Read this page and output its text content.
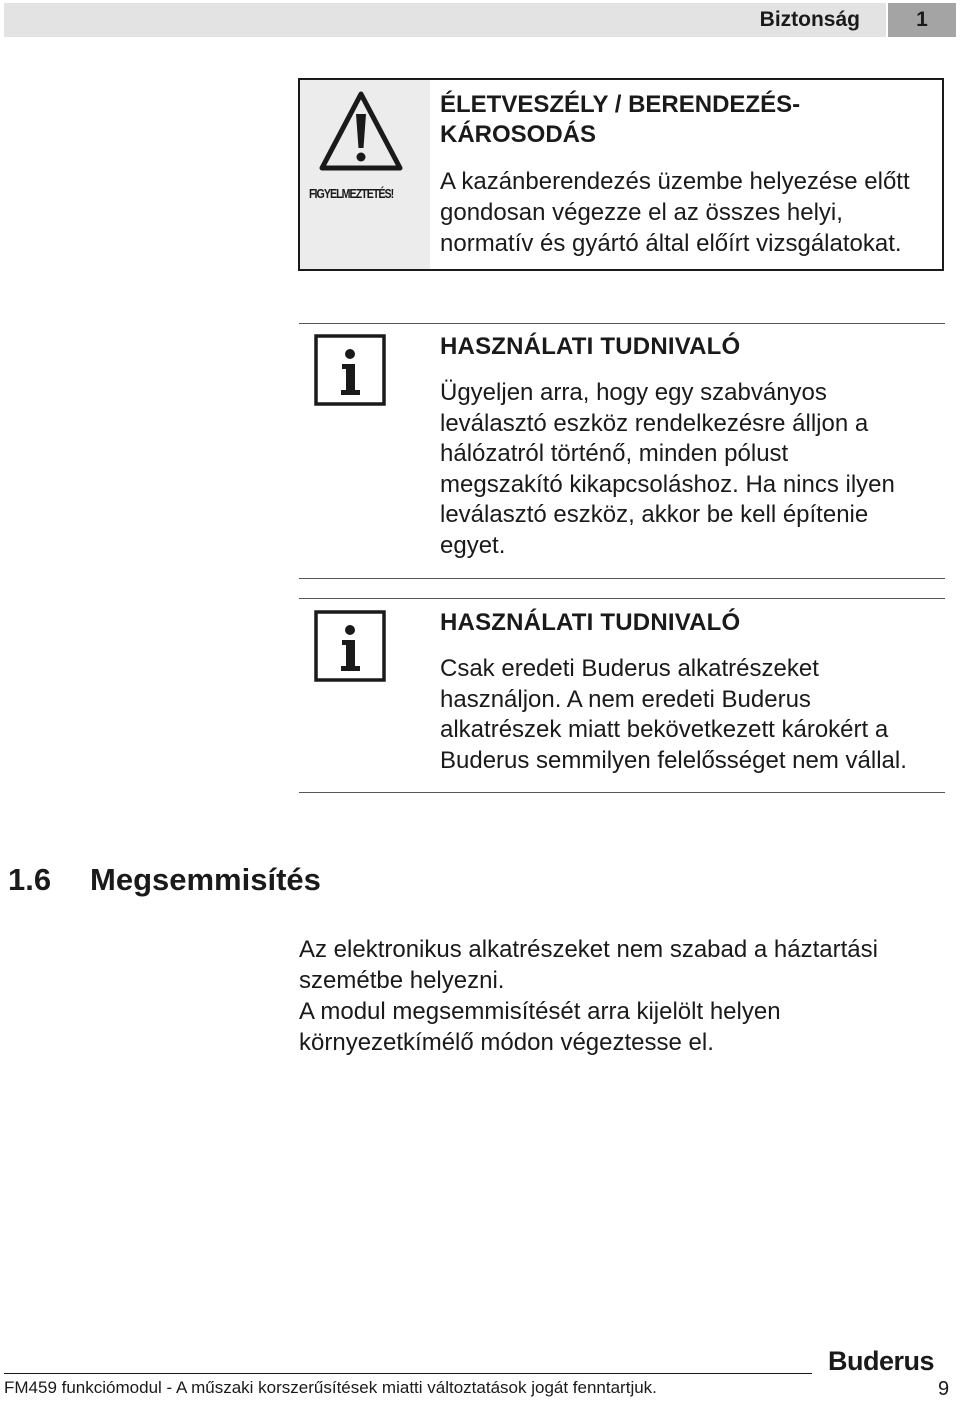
Biztonság	1
FIGYELMEZTETÉS!
ÉLETVESZÉLY / BERENDEZÉS-
KÁROSODÁS
A kazánberendezés üzembe helyezése előtt
gondosan végezze el az összes helyi,
normatív és gyártó által előírt vizsgálatokat.
HASZNÁLATI TUDNIVALÓ
Ügyeljen arra, hogy egy szabványos
leválasztó eszköz rendelkezésre álljon a
hálózatról történő, minden pólust
megszakító kikapcsoláshoz. Ha nincs ilyen
leválasztó eszköz, akkor be kell építenie
egyet.
HASZNÁLATI TUDNIVALÓ
Csak eredeti Buderus alkatrészeket
használjon. A nem eredeti Buderus
alkatrészek miatt bekövetkezett károkért a
Buderus semmilyen felelősséget nem vállal.
1.6 Megsemmisítés
Az elektronikus alkatrészeket nem szabad a háztartási
szemétbe helyezni.
A modul megsemmisítését arra kijelölt helyen
környezetkímélő módon végeztesse el.
Buderus
FM459 funkciómodul - A műszaki korszerűsítések miatti változtatások jogát fenntartjuk.	9
